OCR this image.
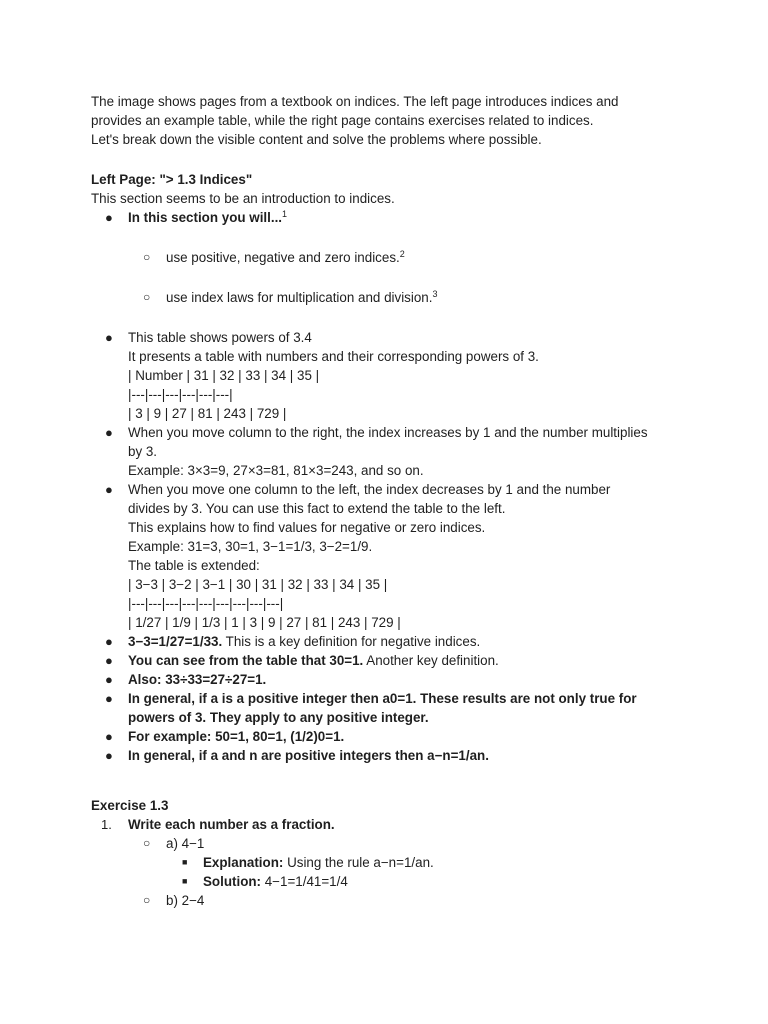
The image shows pages from a textbook on indices. The left page introduces indices and

provides an example table, while the right page contains exercises related to indices.

Let's break down the visible content and solve the problems where possible.

Left Page: "> 1.3 Indices"

This section seems to be an introduction to indices.

● In this section you will...$^1$
○ use positive, negative and zero indices.$^2$
○ use index laws for multiplication and division.$^3$
● This table shows powers of 3.4

It presents a table with numbers and their corresponding powers of 3.

| Number | 31 | 32 | 33 | 34 | 35 |

|---|---|---|---|---|---|

| 3 | 9 | 27 | 81 | 243 | 729 |

● When you move column to the right, the index increases by 1 and the number multiplies

by 3.

Example: 3×3=9, 27×3=81, 81×3=243, and so on.

● When you move one column to the left, the index decreases by 1 and the number

divides by 3. You can use this fact to extend the table to the left.

This explains how to find values for negative or zero indices.

Example: 31=3, 30=1, 3−1=1/3, 3−2=1/9.

The table is extended:

| 3−3 | 3−2 | 3−1 | 30 | 31 | 32 | 33 | 34 | 35 |

|---|---|---|---|---|---|---|---|---|

| 1/27 | 1/9 | 1/3 | 1 | 3 | 9 | 27 | 81 | 243 | 729 |

● 3−3=1/27=1/33. This is a key definition for negative indices.
● You can see from the table that 30=1. Another key definition.
● Also: 33÷33=27÷27=1.
● In general, if a is a positive integer then a0=1. These results are not only true for

powers of 3. They apply to any positive integer.

● For example: 50=1, 80=1, (1/2)0=1.
● In general, if a and n are positive integers then a−n=1/an.

Exercise 1.3

1. Write each number as a fraction.
○ a) 4−1
■ Explanation: Using the rule a−n=1/an.
■ Solution: 4−1=1/41=1/4
○ b) 2−4
